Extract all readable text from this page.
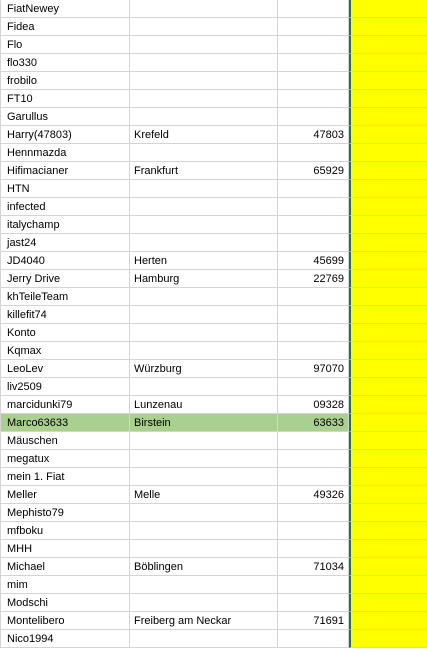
FiatNewey
Fidea
Flo
flo330
frobilo
FT10
Garullus
Harry(47803)	Krefeld	47803
Hennmazda
Hifimacianer	Frankfurt	65929
HTN
infected
italychamp
jast24
JD4040	Herten	45699
Jerry Drive	Hamburg	22769
khTeileTeam
killefit74
Konto
Kqmax
LeoLev	Würzburg	97070
liv2509
marcidunki79	Lunzenau	09328
Marco63633	Birstein	63633
Mäuschen
megatux
mein 1. Fiat
Meller	Melle	49326
Mephisto79
mfboku
MHH
Michael	Böblingen	71034
mim
Modschi
Montelibero	Freiberg am Neckar	71691
Nico1994
